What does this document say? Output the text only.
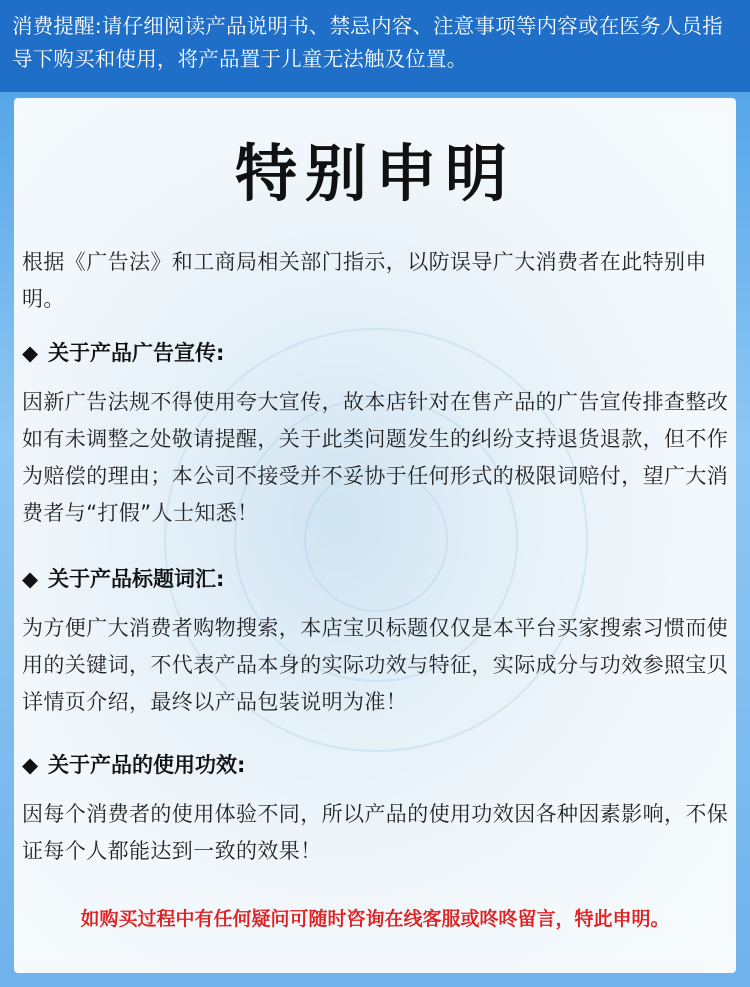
消费提醒:请仔细阅读产品说明书、禁忌内容、注意事项等内容或在医务人员指导下购买和使用，将产品置于儿童无法触及位置。
特别申明
根据《广告法》和工商局相关部门指示，以防误导广大消费者在此特别申明。
◆ 关于产品广告宣传:
因新广告法规不得使用夸大宣传，故本店针对在售产品的广告宣传排查整改如有未调整之处敬请提醒，关于此类问题发生的纠纷支持退货退款，但不作为赔偿的理由；本公司不接受并不妥协于任何形式的极限词赔付，望广大消费者与“打假”人士知悉！
◆ 关于产品标题词汇:
为方便广大消费者购物搜索，本店宝贝标题仅仅是本平台买家搜索习惯而使用的关键词，不代表产品本身的实际功效与特征，实际成分与功效参照宝贝详情页介绍，最终以产品包装说明为准！
◆ 关于产品的使用功效:
因每个消费者的使用体验不同，所以产品的使用功效因各种因素影响，不保证每个人都能达到一致的效果！
如购买过程中有任何疑问可随时咨询在线客服或咚咚留言，特此申明。
